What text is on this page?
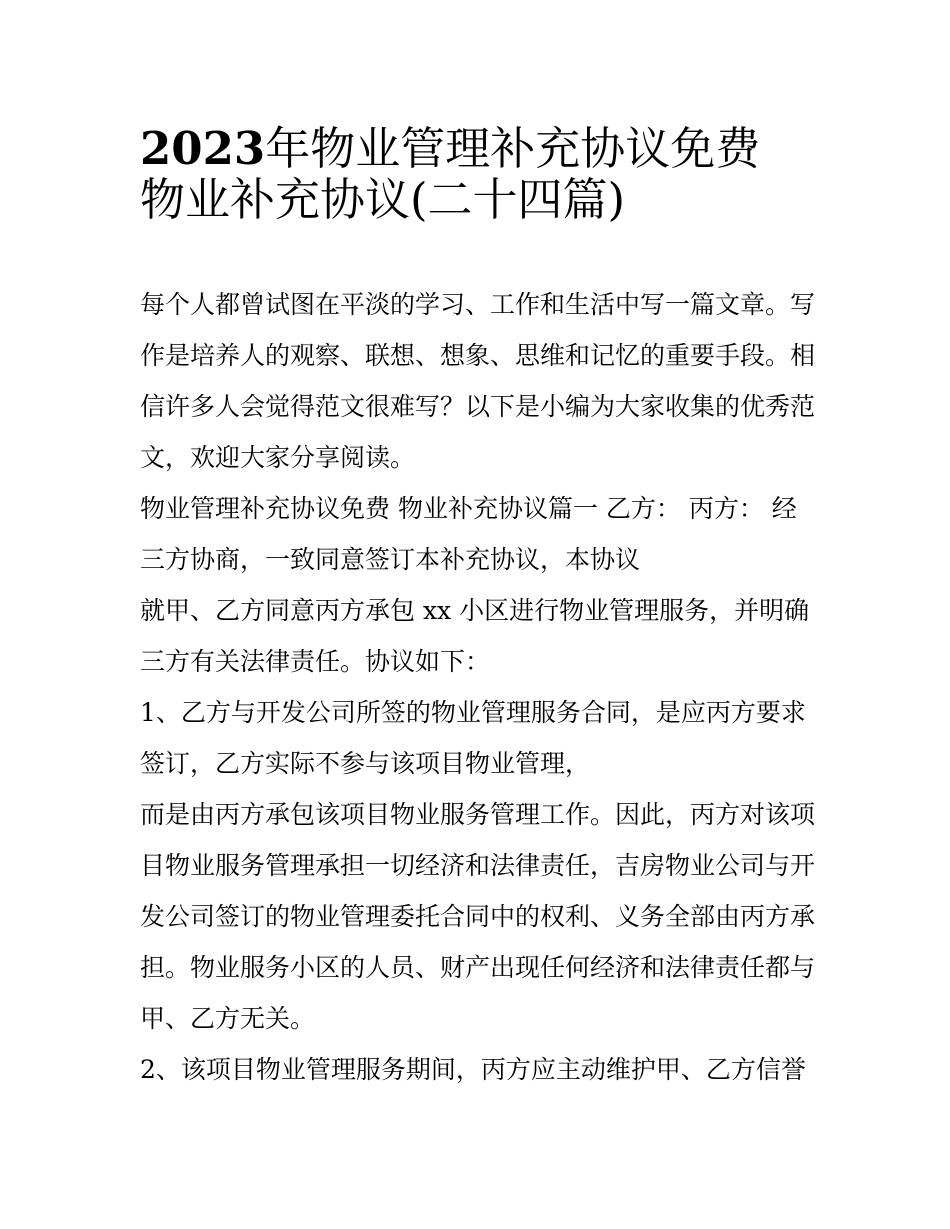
2023年物业管理补充协议免费
物业补充协议(二十四篇)
每个人都曾试图在平淡的学习、工作和生活中写一篇文章。写
作是培养人的观察、联想、想象、思维和记忆的重要手段。相
信许多人会觉得范文很难写？以下是小编为大家收集的优秀范
文，欢迎大家分享阅读。
物业管理补充协议免费 物业补充协议篇一 乙方： 丙方： 经
三方协商，一致同意签订本补充协议，本协议
就甲、乙方同意丙方承包 xx 小区进行物业管理服务，并明确
三方有关法律责任。协议如下：
1、乙方与开发公司所签的物业管理服务合同，是应丙方要求
签订，乙方实际不参与该项目物业管理，
而是由丙方承包该项目物业服务管理工作。因此，丙方对该项
目物业服务管理承担一切经济和法律责任，吉房物业公司与开
发公司签订的物业管理委托合同中的权利、义务全部由丙方承
担。物业服务小区的人员、财产出现任何经济和法律责任都与
甲、乙方无关。
2、该项目物业管理服务期间，丙方应主动维护甲、乙方信誉
